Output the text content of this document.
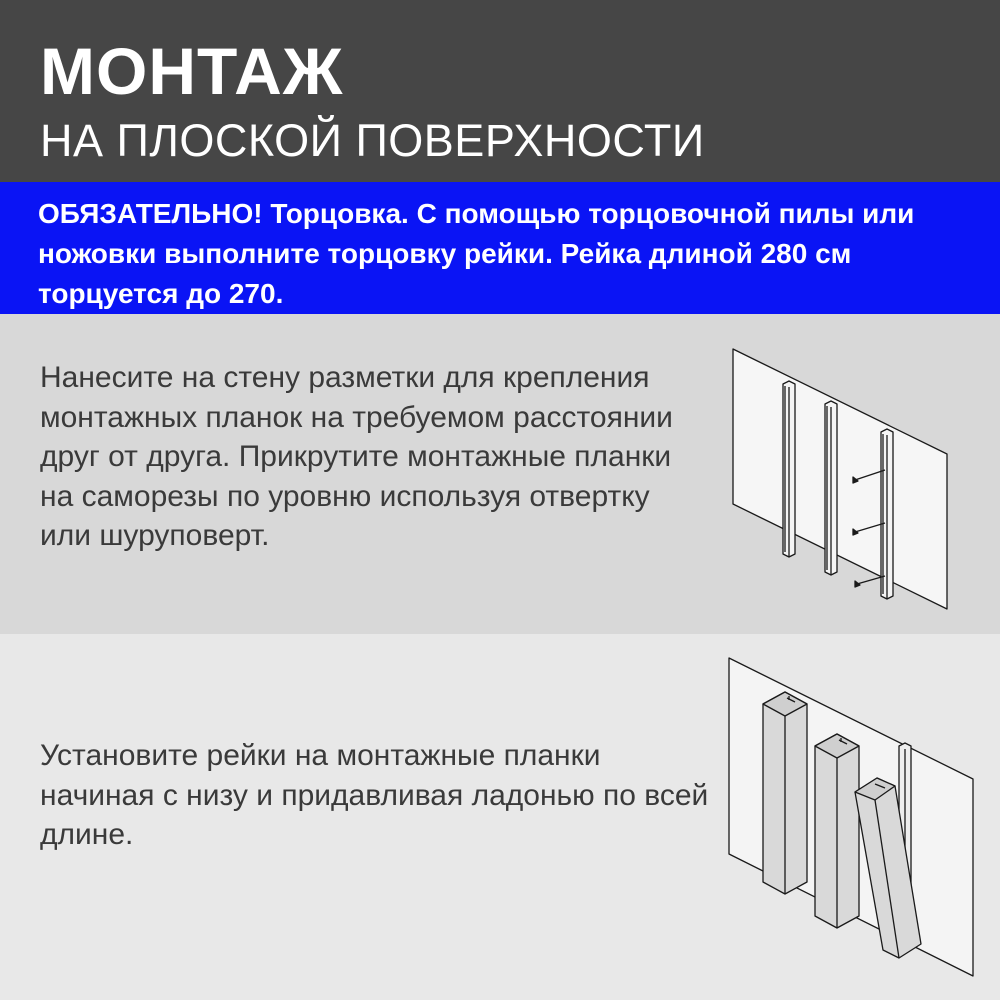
МОНТАЖ
НА ПЛОСКОЙ ПОВЕРХНОСТИ
ОБЯЗАТЕЛЬНО! Торцовка. С помощью торцовочной пилы или ножовки выполните торцовку рейки. Рейка длиной 280 см торцуется до 270.
Нанесите на стену разметки для крепления монтажных планок на требуемом расстоянии друг от друга. Прикрутите монтажные планки на саморезы по уровню используя отвертку или шуруповерт.
Установите рейки на монтажные планки начиная с низу и придавливая ладонью по всей длине.
